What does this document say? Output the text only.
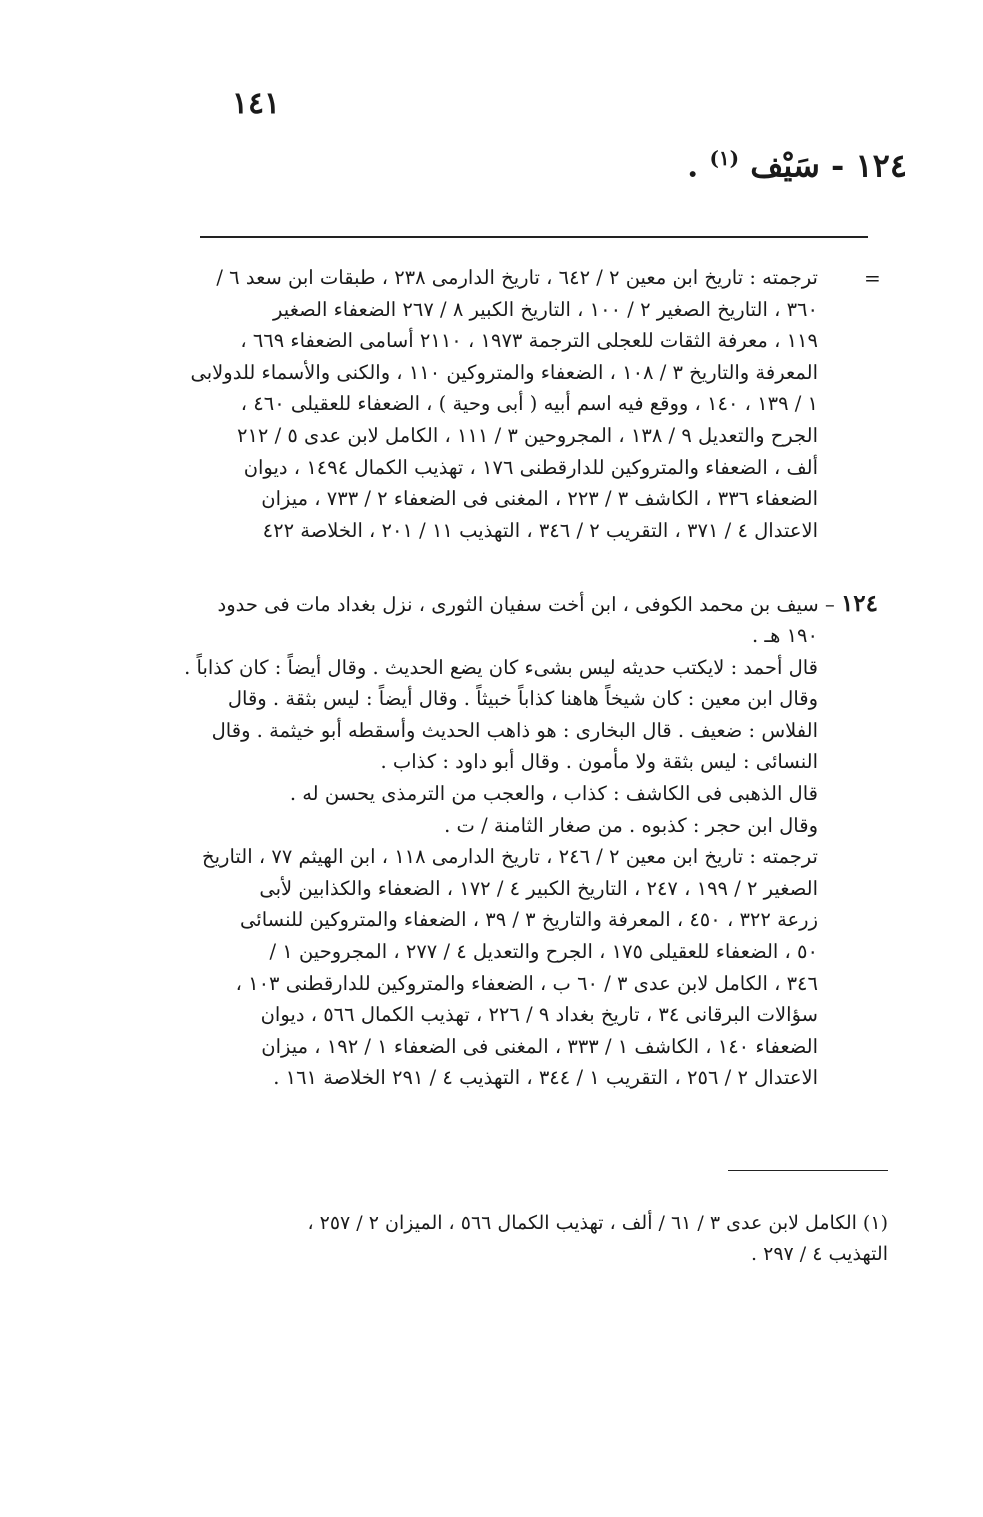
١٤١
١٢٤ - سَيْف $^{(١)}$ .
=
ترجمته : تاريخ ابن معين ٢ / ٦٤٢ ، تاريخ الدارمى ٢٣٨ ، طبقات ابن سعد ٦ /
٣٦٠ ، التاريخ الصغير ٢ / ١٠٠ ، التاريخ الكبير ٨ / ٢٦٧ الضعفاء الصغير
١١٩ ، معرفة الثقات للعجلى الترجمة ١٩٧٣ ، ٢١١٠ أسامى الضعفاء ٦٦٩ ،
المعرفة والتاريخ ٣ / ١٠٨ ، الضعفاء والمتروكين ١١٠ ، والكنى والأسماء للدولابى
١ / ١٣٩ ، ١٤٠ ، ووقع فيه اسم أبيه ( أبى وحية ) ، الضعفاء للعقيلى ٤٦٠ ،
الجرح والتعديل ٩ / ١٣٨ ، المجروحين ٣ / ١١١ ، الكامل لابن عدى ٥ / ٢١٢
ألف ، الضعفاء والمتروكين للدارقطنى ١٧٦ ، تهذيب الكمال ١٤٩٤ ، ديوان
الضعفاء ٣٣٦ ، الكاشف ٣ / ٢٢٣ ، المغنى فى الضعفاء ٢ / ٧٣٣ ، ميزان
الاعتدال ٤ / ٣٧١ ، التقريب ٢ / ٣٤٦ ، التهذيب ١١ / ٢٠١ ، الخلاصة ٤٢٢
١٢٤ – سيف بن محمد الكوفى ، ابن أخت سفيان الثورى ، نزل بغداد مات فى حدود
١٩٠ هـ .
قال أحمد : لايكتب حديثه ليس بشىء كان يضع الحديث . وقال أيضاً : كان كذاباً .
وقال ابن معين : كان شيخاً هاهنا كذاباً خبيثاً . وقال أيضاً : ليس بثقة . وقال
الفلاس : ضعيف . قال البخارى : هو ذاهب الحديث وأسقطه أبو خيثمة . وقال
النسائى : ليس بثقة ولا مأمون . وقال أبو داود : كذاب .
قال الذهبى فى الكاشف : كذاب ، والعجب من الترمذى يحسن له .
وقال ابن حجر : كذبوه . من صغار الثامنة / ت .
ترجمته : تاريخ ابن معين ٢ / ٢٤٦ ، تاريخ الدارمى ١١٨ ، ابن الهيثم ٧٧ ، التاريخ
الصغير ٢ / ١٩٩ ، ٢٤٧ ، التاريخ الكبير ٤ / ١٧٢ ، الضعفاء والكذابين لأبى
زرعة ٣٢٢ ، ٤٥٠ ، المعرفة والتاريخ ٣ / ٣٩ ، الضعفاء والمتروكين للنسائى
٥٠ ، الضعفاء للعقيلى ١٧٥ ، الجرح والتعديل ٤ / ٢٧٧ ، المجروحين ١ /
٣٤٦ ، الكامل لابن عدى ٣ / ٦٠ ب ، الضعفاء والمتروكين للدارقطنى ١٠٣ ،
سؤالات البرقانى ٣٤ ، تاريخ بغداد ٩ / ٢٢٦ ، تهذيب الكمال ٥٦٦ ، ديوان
الضعفاء ١٤٠ ، الكاشف ١ / ٣٣٣ ، المغنى فى الضعفاء ١ / ١٩٢ ، ميزان
الاعتدال ٢ / ٢٥٦ ، التقريب ١ / ٣٤٤ ، التهذيب ٤ / ٢٩١ الخلاصة ١٦١ .
(١) الكامل لابن عدى ٣ / ٦١ / ألف ، تهذيب الكمال ٥٦٦ ، الميزان ٢ / ٢٥٧ ،
التهذيب ٤ / ٢٩٧ .
